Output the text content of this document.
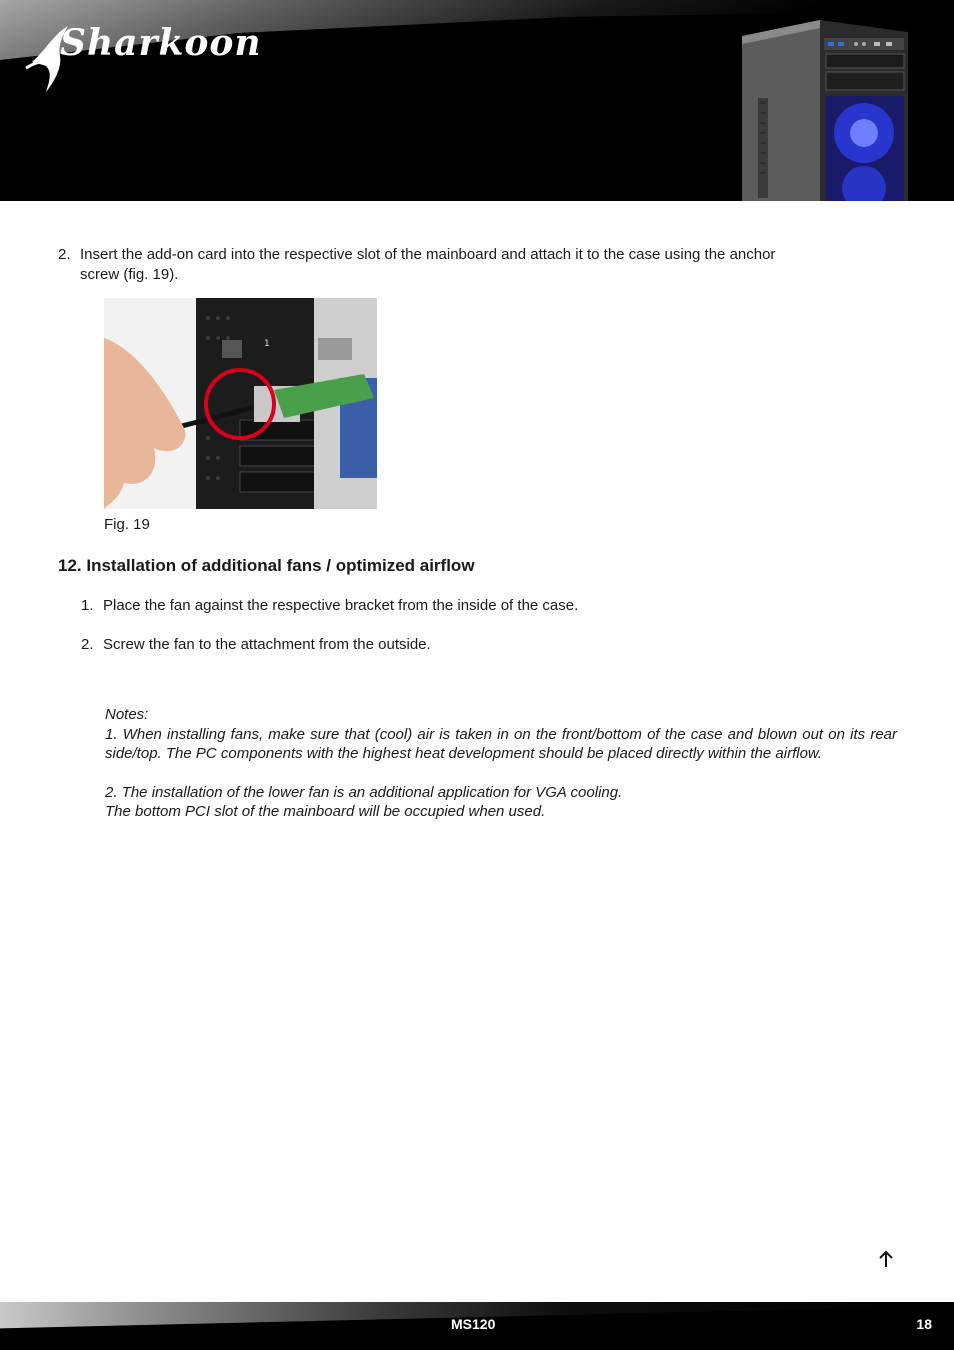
Sharkoon
2. Insert the add-on card into the respective slot of the mainboard and attach it to the case using the anchor
screw (fig. 19).
1
Fig. 19
12. Installation of additional fans / optimized airflow
1. Place the fan against the respective bracket from the inside of the case.
2. Screw the fan to the attachment from the outside.

Notes:

1. When installing fans, make sure that (cool) air is taken in on the front/bottom of the case and blown out on its rear side/top. The PC components with the highest heat development should be placed directly within the airflow.

2. The installation of the lower fan is an additional application for VGA cooling.

The bottom PCI slot of the mainboard will be occupied when used.

MS120	18
